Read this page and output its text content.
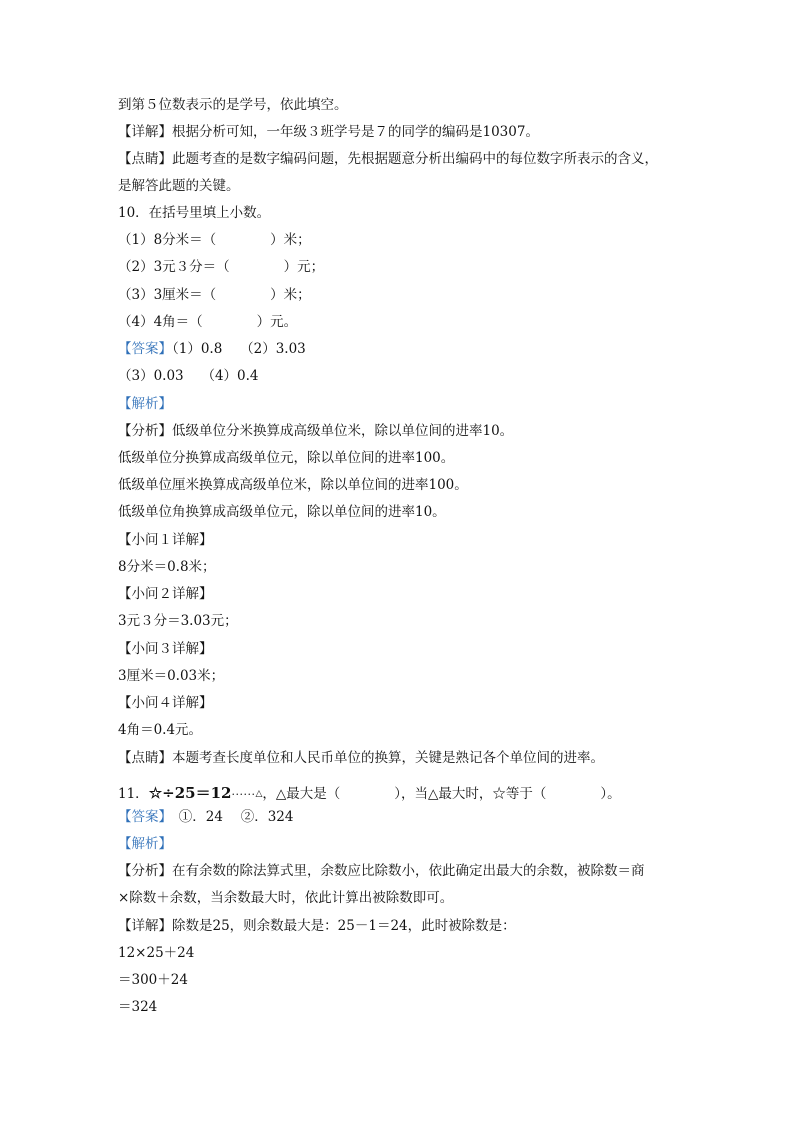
到第５位数表示的是学号，依此填空。
【详解】根据分析可知，一年级３班学号是７的同学的编码是10307。
【点睛】此题考查的是数字编码问题，先根据题意分析出编码中的每位数字所表示的含义，
是解答此题的关键。
10．在括号里填上小数。
（1）8分米＝（　　　　）米；
（2）3元３分＝（　　　　）元；
（3）3厘米＝（　　　　）米；
（4）4角＝（　　　　）元。
【答案】（1）0.8　 （2）3.03
（3）0.03　 （4）0.4
【解析】
【分析】低级单位分米换算成高级单位米，除以单位间的进率10。
低级单位分换算成高级单位元，除以单位间的进率100。
低级单位厘米换算成高级单位米，除以单位间的进率100。
低级单位角换算成高级单位元，除以单位间的进率10。
【小问１详解】
8分米＝0.8米；
【小问２详解】
3元３分＝3.03元；
【小问３详解】
3厘米＝0.03米；
【小问４详解】
4角＝0.4元。
【点睛】本题考查长度单位和人民币单位的换算，关键是熟记各个单位间的进率。
11．☆÷25＝12······△，△最大是（　　　　），当△最大时，☆等于（　　　　）。
【答案】　①．24　 ②．324
【解析】
【分析】在有余数的除法算式里，余数应比除数小，依此确定出最大的余数，被除数＝商
×除数＋余数，当余数最大时，依此计算出被除数即可。
【详解】除数是25，则余数最大是：25－1＝24，此时被除数是：
12×25＋24
＝300＋24
＝324
